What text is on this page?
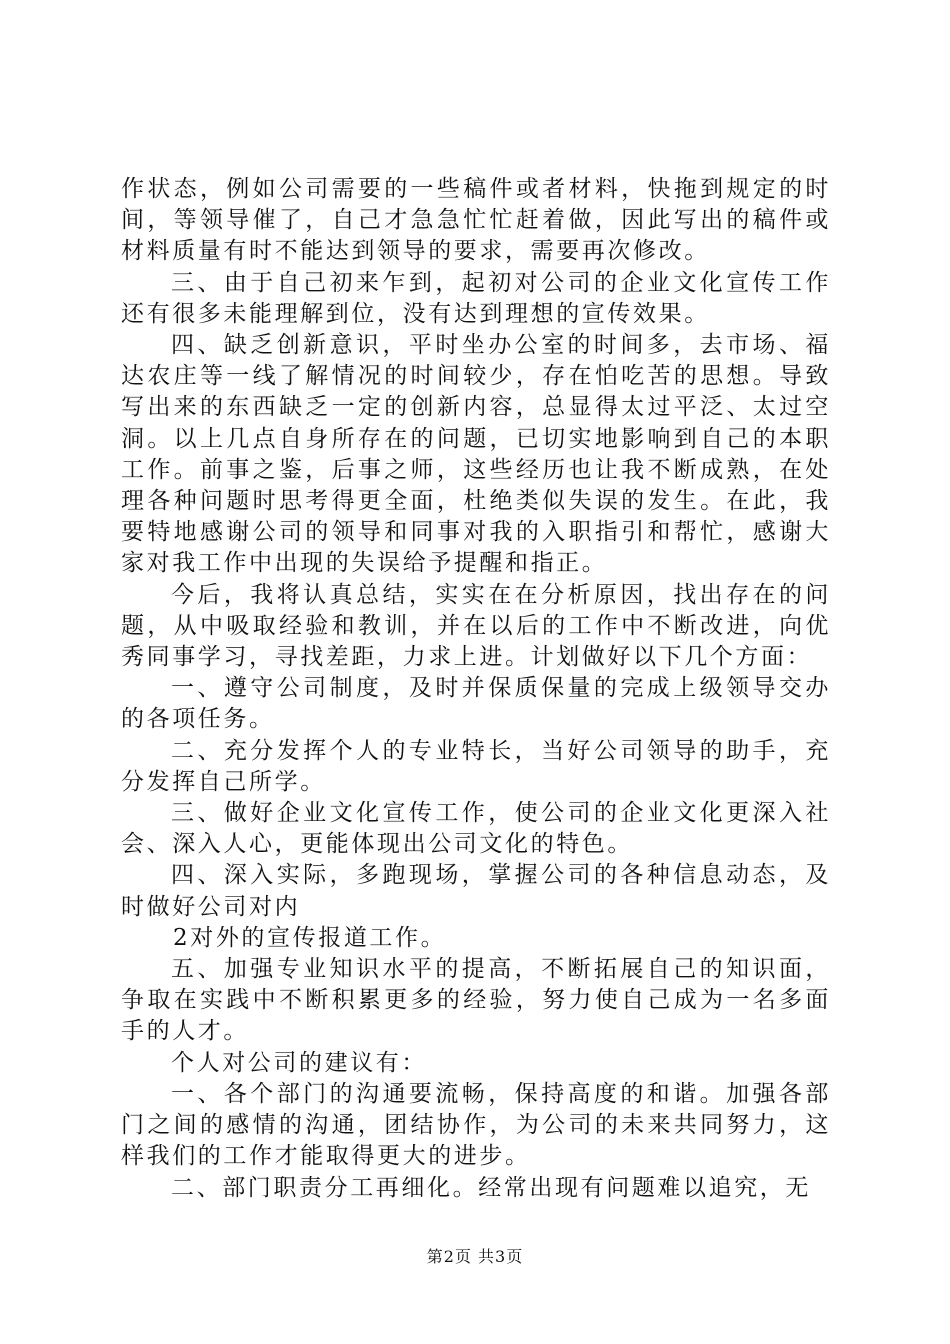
作状态，例如公司需要的一些稿件或者材料，快拖到规定的时间，等领导催了，自己才急急忙忙赶着做，因此写出的稿件或材料质量有时不能达到领导的要求，需要再次修改。

三、由于自己初来乍到，起初对公司的企业文化宣传工作还有很多未能理解到位，没有达到理想的宣传效果。

四、缺乏创新意识，平时坐办公室的时间多，去市场、福达农庄等一线了解情况的时间较少，存在怕吃苦的思想。导致写出来的东西缺乏一定的创新内容，总显得太过平泛、太过空洞。以上几点自身所存在的问题，已切实地影响到自己的本职工作。前事之鉴，后事之师，这些经历也让我不断成熟，在处理各种问题时思考得更全面，杜绝类似失误的发生。在此，我要特地感谢公司的领导和同事对我的入职指引和帮忙，感谢大家对我工作中出现的失误给予提醒和指正。

今后，我将认真总结，实实在在分析原因，找出存在的问题，从中吸取经验和教训，并在以后的工作中不断改进，向优秀同事学习，寻找差距，力求上进。计划做好以下几个方面：

一、遵守公司制度，及时并保质保量的完成上级领导交办的各项任务。

二、充分发挥个人的专业特长，当好公司领导的助手，充分发挥自己所学。

三、做好企业文化宣传工作，使公司的企业文化更深入社会、深入人心，更能体现出公司文化的特色。

四、深入实际，多跑现场，掌握公司的各种信息动态，及时做好公司对内

2对外的宣传报道工作。

五、加强专业知识水平的提高，不断拓展自己的知识面，争取在实践中不断积累更多的经验，努力使自己成为一名多面手的人才。

个人对公司的建议有：

一、各个部门的沟通要流畅，保持高度的和谐。加强各部门之间的感情的沟通，团结协作，为公司的未来共同努力，这样我们的工作才能取得更大的进步。

二、部门职责分工再细化。经常出现有问题难以追究，无

第2页 共3页
